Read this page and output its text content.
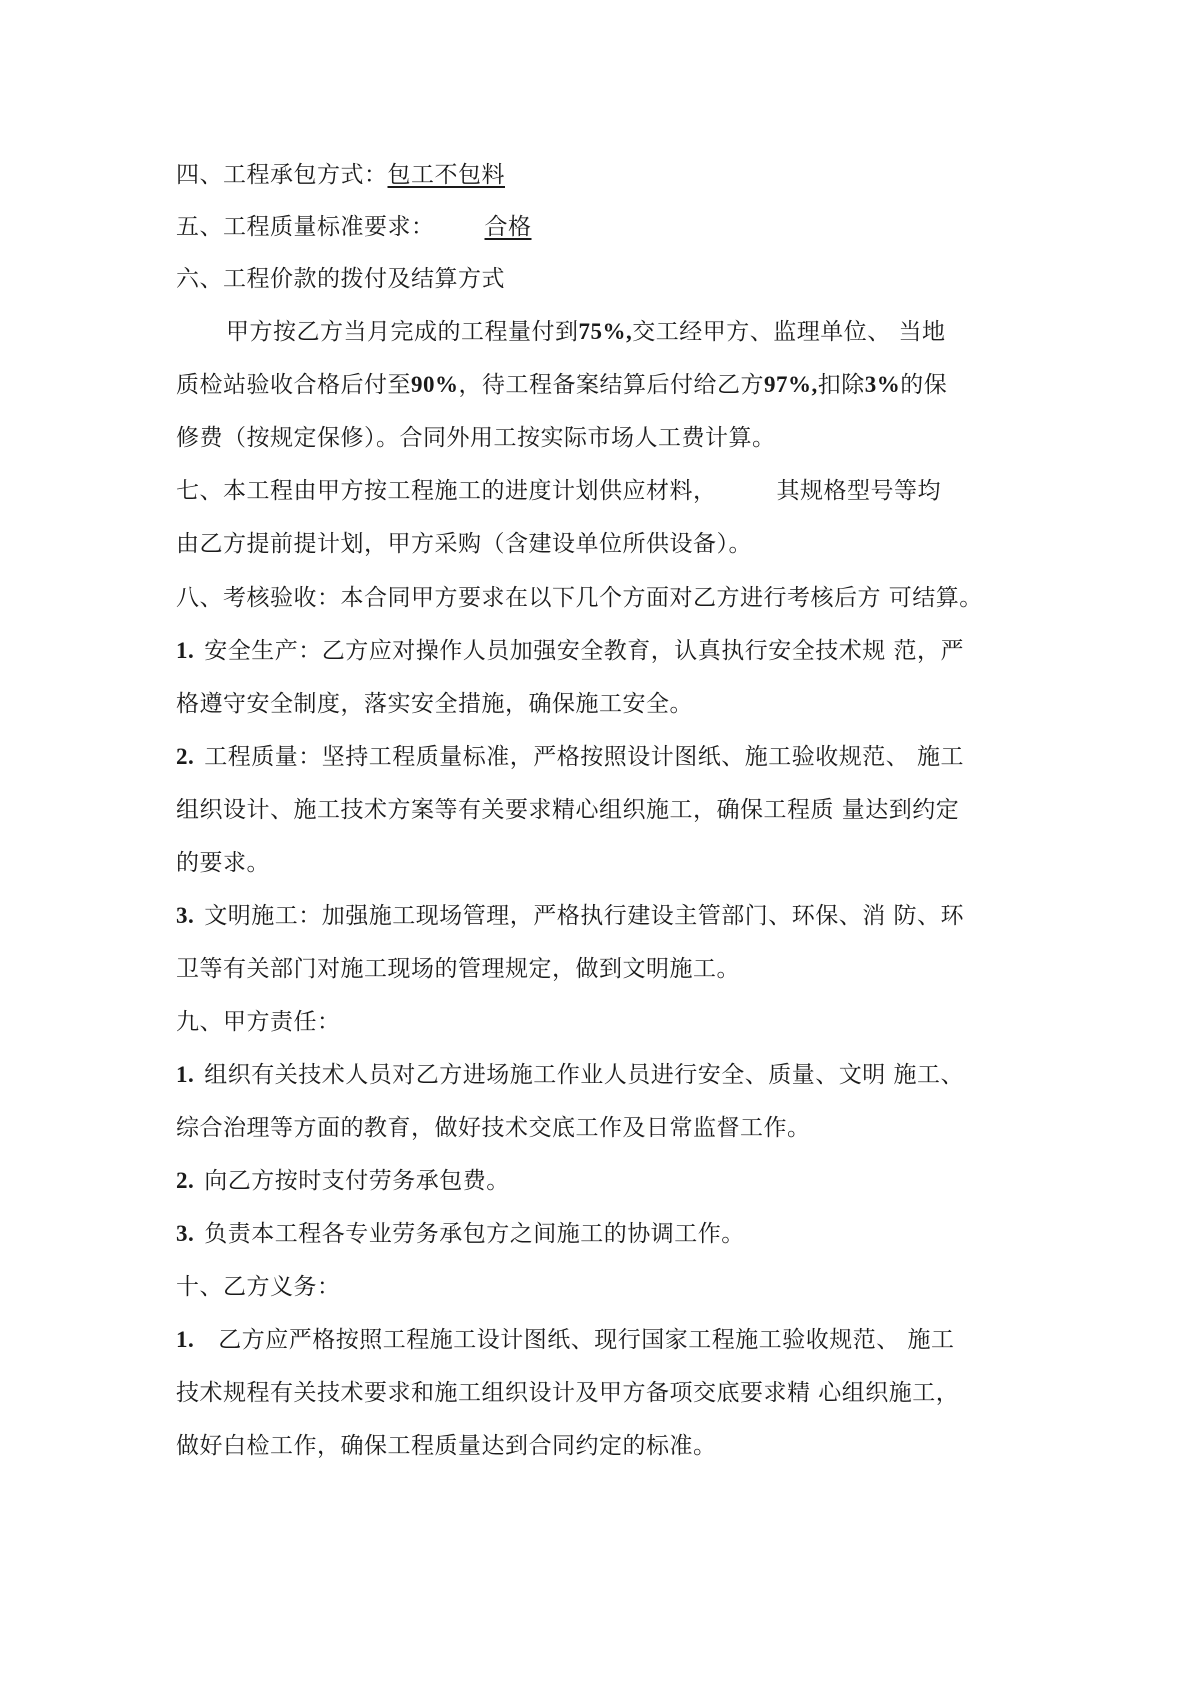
四、工程承包方式：包工不包料
五、工程质量标准要求： 合格
六、工程价款的拨付及结算方式
甲方按乙方当月完成的工程量付到75%,交工经甲方、监理单位、 当地
质检站验收合格后付至90%，待工程备案结算后付给乙方97%,扣除3%的保
修费（按规定保修）。合同外用工按实际市场人工费计算。
七、本工程由甲方按工程施工的进度计划供应材料，	其规格型号等均
由乙方提前提计划，甲方采购（含建设单位所供设备）。
八、考核验收：本合同甲方要求在以下几个方面对乙方进行考核后方 可结算。
1. 安全生产：乙方应对操作人员加强安全教育，认真执行安全技术规 范，严
格遵守安全制度，落实安全措施，确保施工安全。
2. 工程质量：坚持工程质量标准，严格按照设计图纸、施工验收规范、 施工
组织设计、施工技术方案等有关要求精心组织施工，确保工程质 量达到约定
的要求。
3. 文明施工：加强施工现场管理，严格执行建设主管部门、环保、消 防、环
卫等有关部门对施工现场的管理规定，做到文明施工。
九、甲方责任：
1. 组织有关技术人员对乙方进场施工作业人员进行安全、质量、文明 施工、
综合治理等方面的教育，做好技术交底工作及日常监督工作。
2. 向乙方按时支付劳务承包费。
3. 负责本工程各专业劳务承包方之间施工的协调工作。
十、乙方义务：
1. 乙方应严格按照工程施工设计图纸、现行国家工程施工验收规范、 施工
技术规程有关技术要求和施工组织设计及甲方备项交底要求精 心组织施工，
做好白检工作，确保工程质量达到合同约定的标准。
